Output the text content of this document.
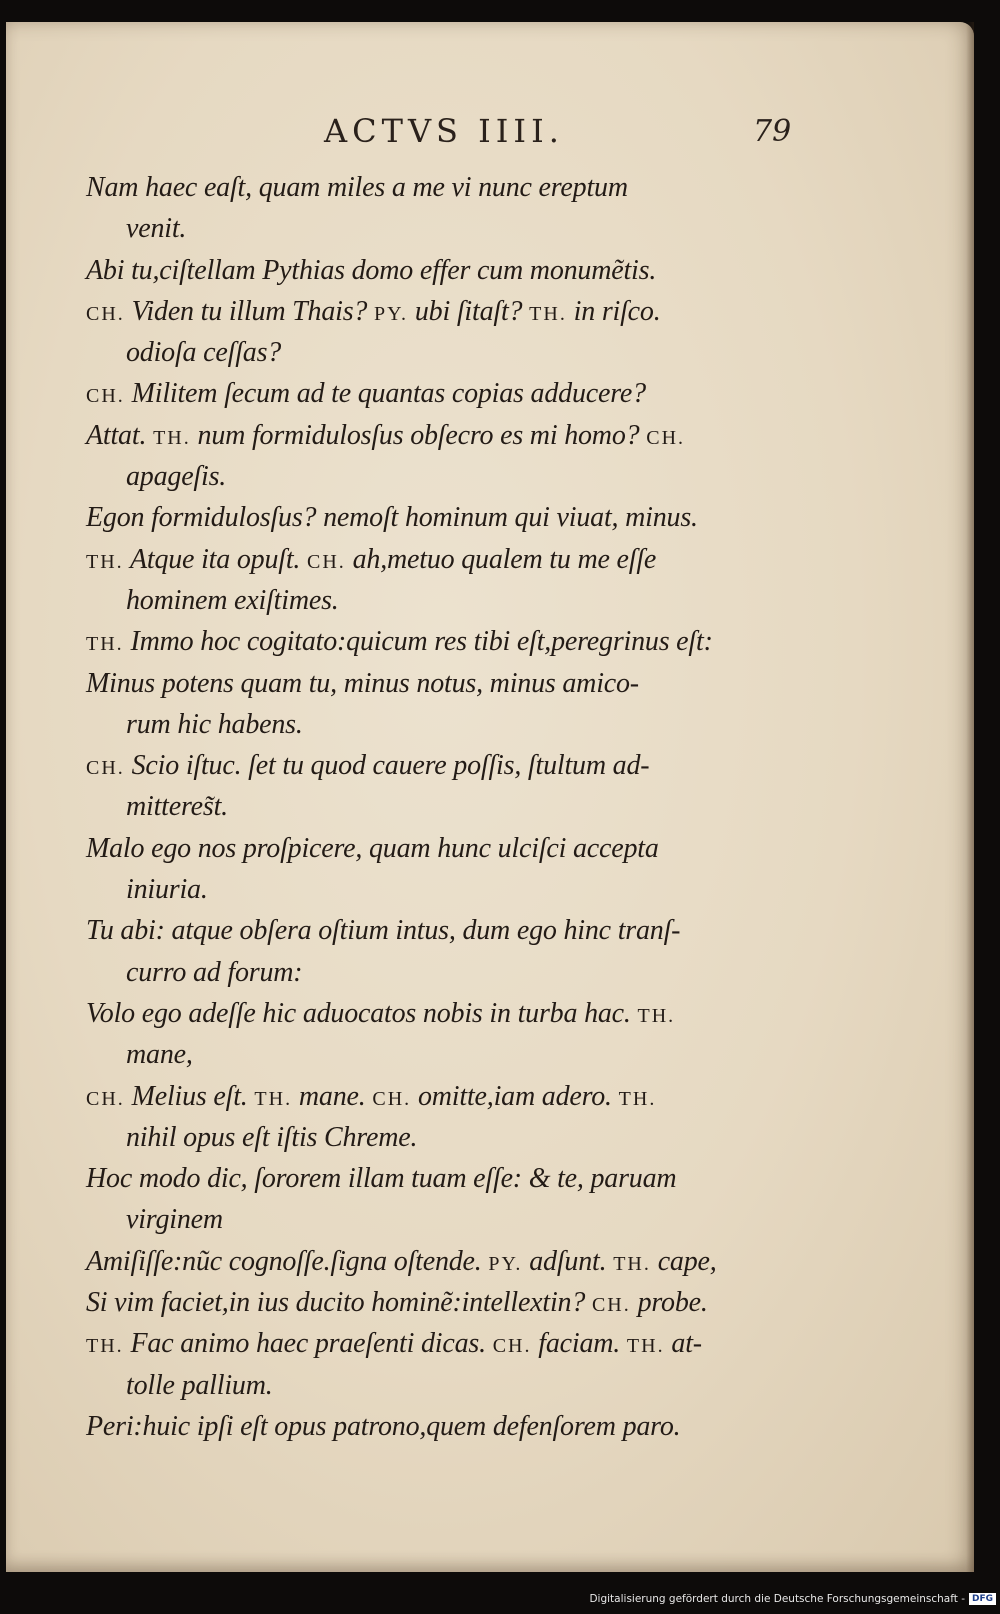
ACTVS IIII.	79
Nam haec eaſt, quam miles a me vi nunc ereptum
venit.
Abi tu,ciſtellam Pythias domo effer cum monumẽtis.
CH. Viden tu illum Thais? PY. ubi ſitaſt? TH. in riſco.
odioſa ceſſas?
CH. Militem ſecum ad te quantas copias adducere?
Attat. TH. num formidulosſus obſecro es mi homo? CH.
apageſis.
Egon formidulosſus? nemoſt hominum qui viuat, minus.
TH. Atque ita opuſt. CH. ah,metuo qualem tu me eſſe
hominem exiſtimes.
TH. Immo hoc cogitato:quicum res tibi eſt,peregrinus eſt:
Minus potens quam tu, minus notus, minus amico-
rum hic habens.
CH. Scio iſtuc. ſet tu quod cauere poſſis, ſtultum ad-
mitteres̃t.
Malo ego nos proſpicere, quam hunc ulciſci accepta
iniuria.
Tu abi: atque obſera oſtium intus, dum ego hinc tranſ-
curro ad forum:
Volo ego adeſſe hic aduocatos nobis in turba hac. TH.
mane,
CH. Melius eſt. TH. mane. CH. omitte,iam adero. TH.
nihil opus eſt iſtis Chreme.
Hoc modo dic, ſororem illam tuam eſſe: & te, paruam
virginem
Amiſiſſe:nũc cognoſſe.ſigna oſtende. PY. adſunt. TH. cape,
Si vim faciet,in ius ducito hominẽ:intellextin? CH. probe.
TH. Fac animo haec praeſenti dicas. CH. faciam. TH. at-
tolle pallium.
Peri:huic ipſi eſt opus patrono,quem defenſorem paro.
Digitalisierung gefördert durch die Deutsche Forschungsgemeinschaft - DFG
